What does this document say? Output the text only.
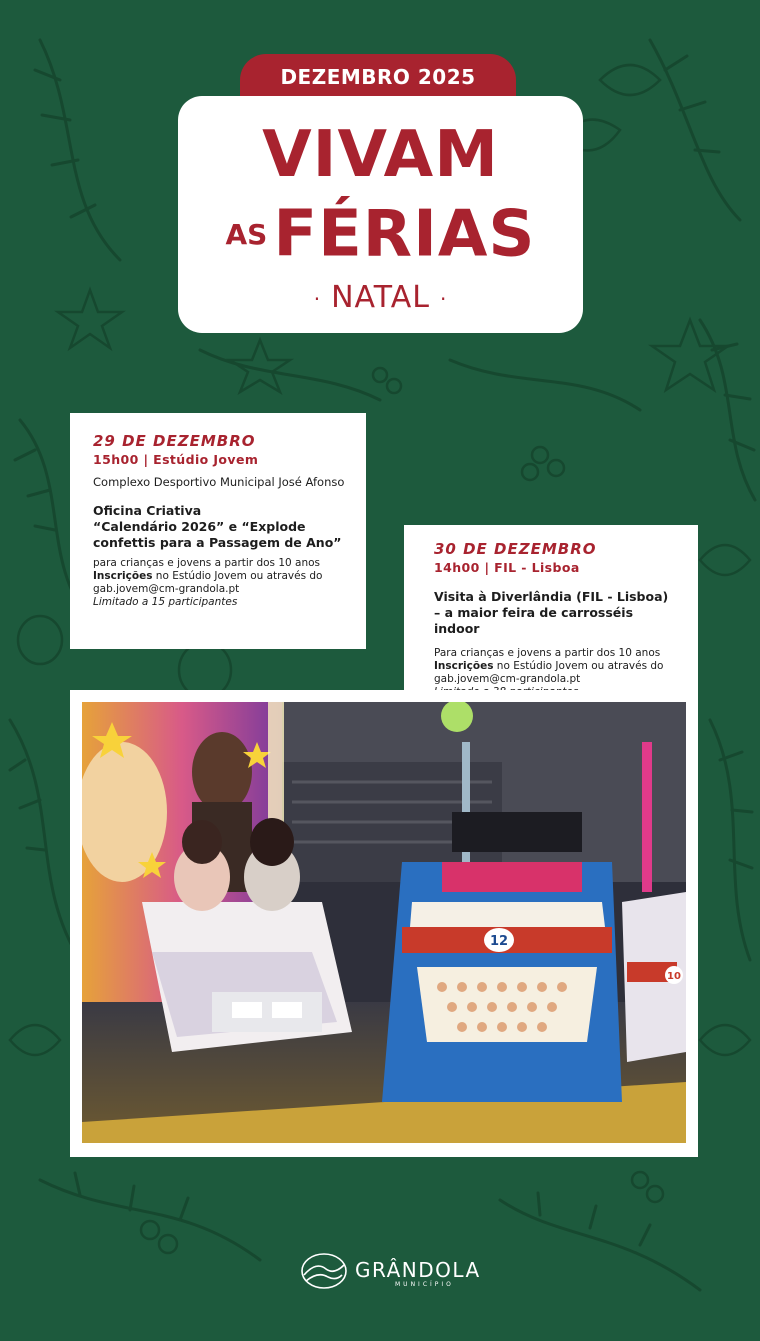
DEZEMBRO 2025
VIVAM
ASFÉRIAS
· NATAL ·
29 DE DEZEMBRO
15h00 | Estúdio Jovem
Complexo Desportivo Municipal José Afonso
Oficina Criativa
“Calendário 2026” e “Explode confettis para a Passagem de Ano”
para crianças e jovens a partir dos 10 anos
Inscrições no Estúdio Jovem ou através do gab.jovem@cm-grandola.pt
Limitado a 15 participantes
30 DE DEZEMBRO
14h00 | FIL - Lisboa
Visita à Diverlândia (FIL - Lisboa)
– a maior feira de carrosséis indoor
Para crianças e jovens a partir dos 10 anos
Inscrições no Estúdio Jovem ou através do gab.jovem@cm-grandola.pt
12
10
GRÂNDOLA
MUNICÍPIO
